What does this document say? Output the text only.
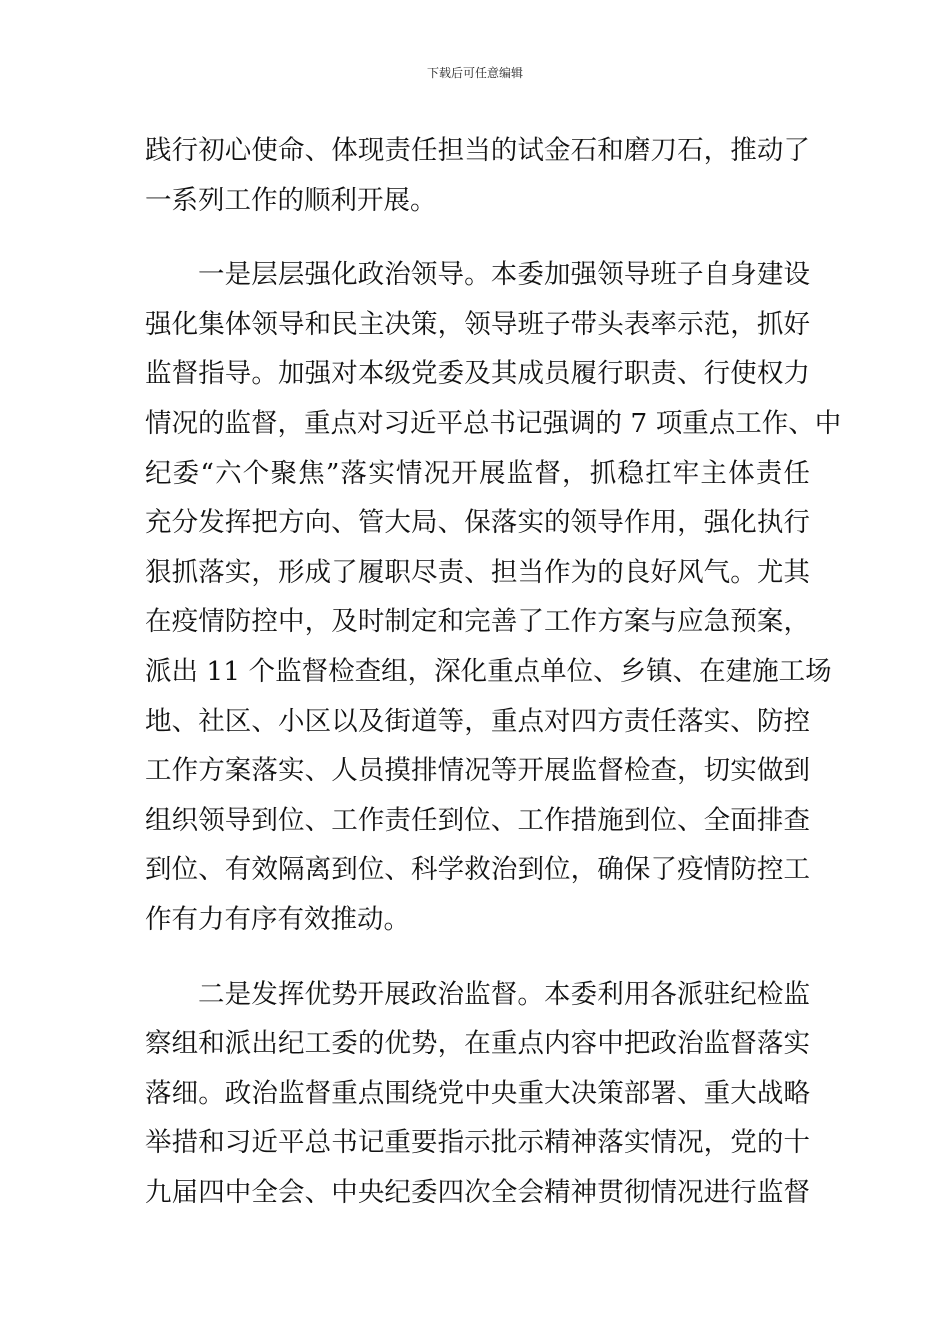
下载后可任意编辑
践行初心使命、体现责任担当的试金石和磨刀石，推动了
一系列工作的顺利开展。
一是层层强化政治领导。本委加强领导班子自身建设
强化集体领导和民主决策，领导班子带头表率示范，抓好
监督指导。加强对本级党委及其成员履行职责、行使权力
情况的监督，重点对习近平总书记强调的 7 项重点工作、中
纪委“六个聚焦”落实情况开展监督，抓稳扛牢主体责任
充分发挥把方向、管大局、保落实的领导作用，强化执行
狠抓落实，形成了履职尽责、担当作为的良好风气。尤其
在疫情防控中，及时制定和完善了工作方案与应急预案，
派出 11 个监督检查组，深化重点单位、乡镇、在建施工场
地、社区、小区以及街道等，重点对四方责任落实、防控
工作方案落实、人员摸排情况等开展监督检查，切实做到
组织领导到位、工作责任到位、工作措施到位、全面排查
到位、有效隔离到位、科学救治到位，确保了疫情防控工
作有力有序有效推动。
二是发挥优势开展政治监督。本委利用各派驻纪检监
察组和派出纪工委的优势，在重点内容中把政治监督落实
落细。政治监督重点围绕党中央重大决策部署、重大战略
举措和习近平总书记重要指示批示精神落实情况，党的十
九届四中全会、中央纪委四次全会精神贯彻情况进行监督
